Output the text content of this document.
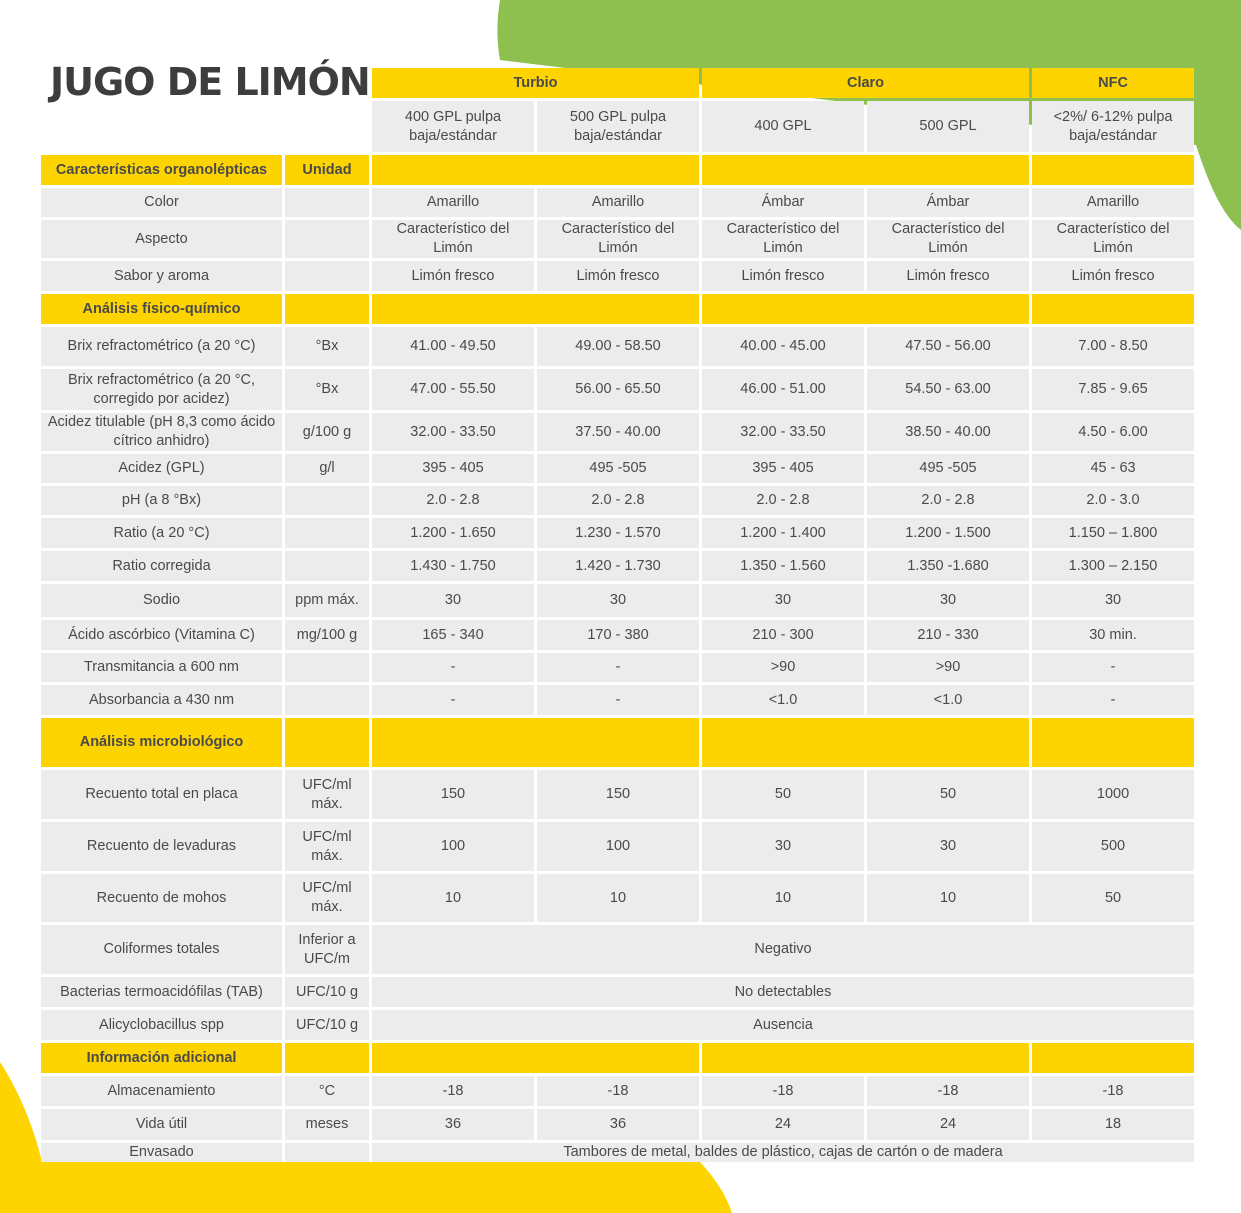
JUGO DE LIMÓN
		Turbio		Claro		NFC
		400 GPL pulpa baja/estándar	500 GPL pulpa baja/estándar	400 GPL	500 GPL	<2%/ 6-12% pulpa baja/estándar
Características organolépticas	Unidad					
Color		Amarillo	Amarillo	Ámbar	Ámbar	Amarillo
Aspecto		Característico del Limón	Característico del Limón	Característico del Limón	Característico del Limón	Característico del Limón
Sabor y aroma		Limón fresco	Limón fresco	Limón fresco	Limón fresco	Limón fresco
Análisis físico-químico						
Brix refractométrico (a 20 °C)	°Bx	41.00 - 49.50	49.00 - 58.50	40.00 - 45.00	47.50 - 56.00	7.00 - 8.50
Brix refractométrico (a 20 °C, corregido por acidez)	°Bx	47.00 - 55.50	56.00 - 65.50	46.00 - 51.00	54.50 - 63.00	7.85 - 9.65
Acidez titulable (pH 8,3 como ácido cítrico anhidro)	g/100 g	32.00 - 33.50	37.50 - 40.00	32.00 - 33.50	38.50 - 40.00	4.50 - 6.00
Acidez (GPL)	g/l	395 - 405	495 -505	395 - 405	495 -505	45 - 63
pH (a 8 °Bx)		2.0 - 2.8	2.0 - 2.8	2.0 - 2.8	2.0 - 2.8	2.0 - 3.0
Ratio (a 20 °C)		1.200 - 1.650	1.230 - 1.570	1.200 - 1.400	1.200 - 1.500	1.150 – 1.800
Ratio corregida		1.430 - 1.750	1.420 - 1.730	1.350 - 1.560	1.350 -1.680	1.300 – 2.150
Sodio	ppm máx.	30	30	30	30	30
Ácido ascórbico (Vitamina C)	mg/100 g	165 - 340	170 - 380	210 - 300	210 - 330	30 min.
Transmitancia a 600 nm		-	-	>90	>90	-
Absorbancia a 430 nm		-	-	<1.0	<1.0	-
Análisis microbiológico						
Recuento total en placa	UFC/ml máx.	150	150	50	50	1000
Recuento de levaduras	UFC/ml máx.	100	100	30	30	500
Recuento de mohos	UFC/ml máx.	10	10	10	10	50
Coliformes totales	Inferior a UFC/m	Negativo				
Bacterias termoacidófilas (TAB)	UFC/10 g	No detectables				
Alicyclobacillus spp	UFC/10 g	Ausencia				
Información adicional						
Almacenamiento	°C	-18	-18	-18	-18	-18
Vida útil	meses	36	36	24	24	18
Envasado		Tambores de metal, baldes de plástico, cajas de cartón o de madera				
